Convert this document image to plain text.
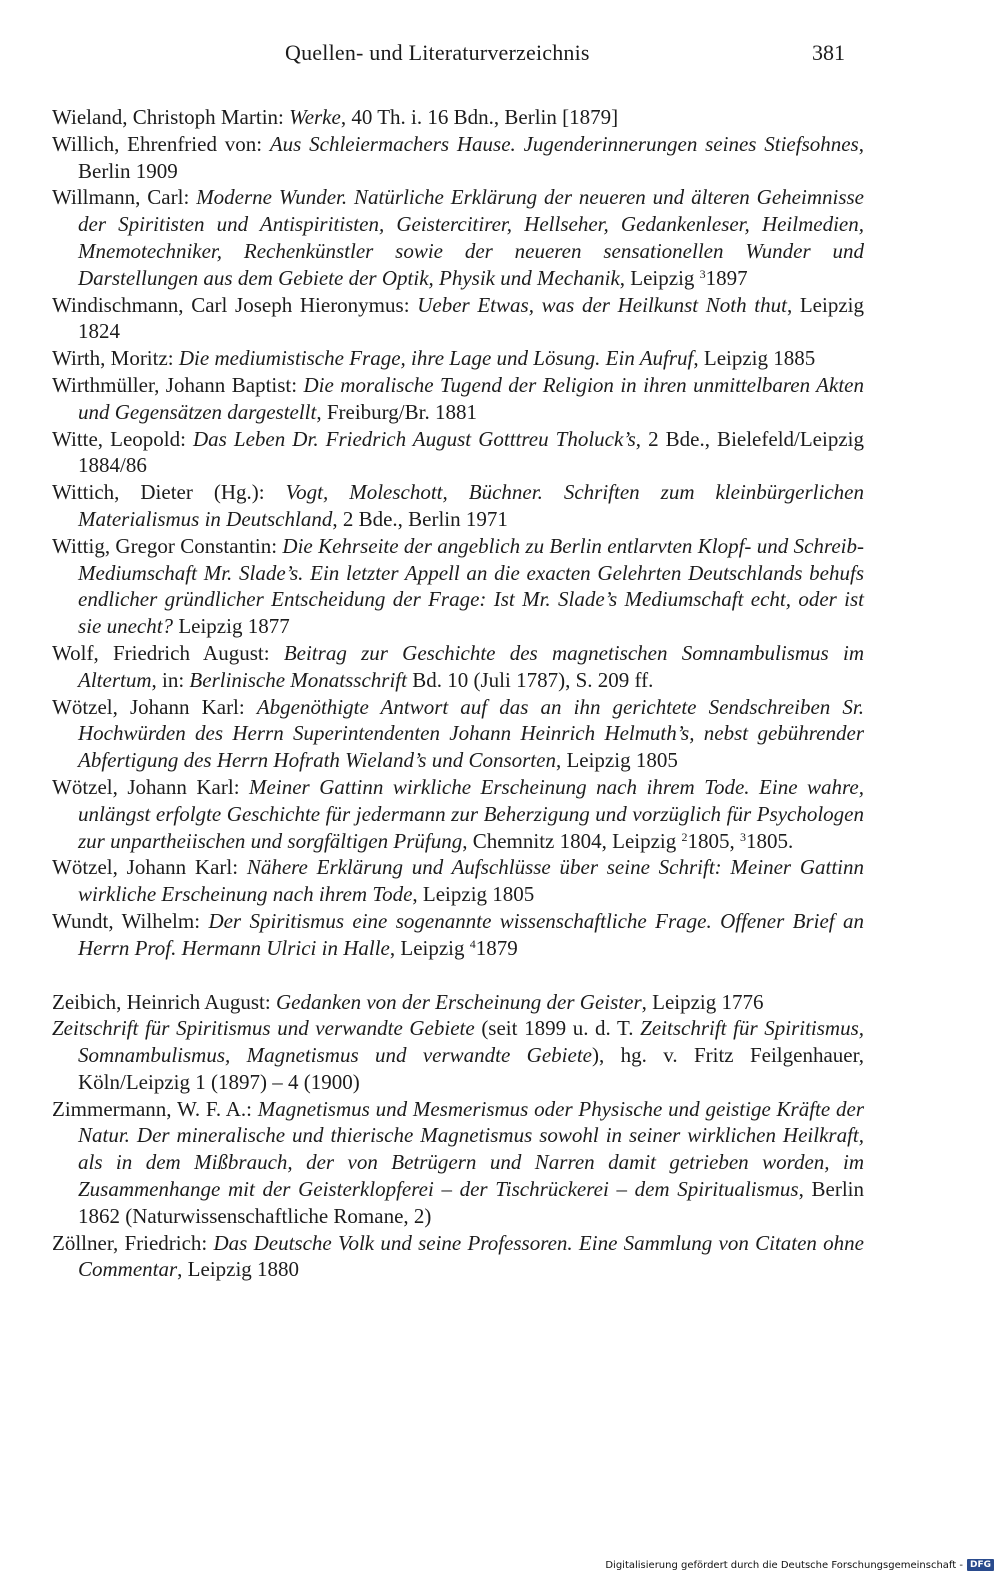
Quellen- und Literaturverzeichnis	381

Wieland, Christoph Martin: Werke, 40 Th. i. 16 Bdn., Berlin [1879]

Willich, Ehrenfried von: Aus Schleiermachers Hause. Jugenderinnerungen seines Stiefsohnes, Berlin 1909

Willmann, Carl: Moderne Wunder. Natürliche Erklärung der neueren und älteren Geheimnisse der Spiritisten und Antispiritisten, Geistercitirer, Hellseher, Gedankenleser, Heilmedien, Mnemotechniker, Rechenkünstler sowie der neueren sensationellen Wunder und Darstellungen aus dem Gebiete der Optik, Physik und Mechanik, Leipzig $^3$1897

Windischmann, Carl Joseph Hieronymus: Ueber Etwas, was der Heilkunst Noth thut, Leipzig 1824

Wirth, Moritz: Die mediumistische Frage, ihre Lage und Lösung. Ein Aufruf, Leipzig 1885

Wirthmüller, Johann Baptist: Die moralische Tugend der Religion in ihren unmittelbaren Akten und Gegensätzen dargestellt, Freiburg/Br. 1881

Witte, Leopold: Das Leben Dr. Friedrich August Gotttreu Tholuck’s, 2 Bde., Bielefeld/Leipzig 1884/86

Wittich, Dieter (Hg.): Vogt, Moleschott, Büchner. Schriften zum kleinbürgerlichen Materialismus in Deutschland, 2 Bde., Berlin 1971

Wittig, Gregor Constantin: Die Kehrseite der angeblich zu Berlin entlarvten Klopf- und Schreib-Mediumschaft Mr. Slade’s. Ein letzter Appell an die exacten Gelehrten Deutschlands behufs endlicher gründlicher Entscheidung der Frage: Ist Mr. Slade’s Mediumschaft echt, oder ist sie unecht? Leipzig 1877

Wolf, Friedrich August: Beitrag zur Geschichte des magnetischen Somnambulismus im Altertum, in: Berlinische Monatsschrift Bd. 10 (Juli 1787), S. 209 ff.

Wötzel, Johann Karl: Abgenöthigte Antwort auf das an ihn gerichtete Sendschreiben Sr. Hochwürden des Herrn Superintendenten Johann Heinrich Helmuth’s, nebst gebührender Abfertigung des Herrn Hofrath Wieland’s und Consorten, Leipzig 1805

Wötzel, Johann Karl: Meiner Gattinn wirkliche Erscheinung nach ihrem Tode. Eine wahre, unlängst erfolgte Geschichte für jedermann zur Beherzigung und vorzüglich für Psychologen zur unpartheiischen und sorgfältigen Prüfung, Chemnitz 1804, Leipzig $^2$1805, $^3$1805.

Wötzel, Johann Karl: Nähere Erklärung und Aufschlüsse über seine Schrift: Meiner Gattinn wirkliche Erscheinung nach ihrem Tode, Leipzig 1805

Wundt, Wilhelm: Der Spiritismus eine sogenannte wissenschaftliche Frage. Offener Brief an Herrn Prof. Hermann Ulrici in Halle, Leipzig $^4$1879

Zeibich, Heinrich August: Gedanken von der Erscheinung der Geister, Leipzig 1776

Zeitschrift für Spiritismus und verwandte Gebiete (seit 1899 u. d. T. Zeitschrift für Spiritismus, Somnambulismus, Magnetismus und verwandte Gebiete), hg. v. Fritz Feilgenhauer, Köln/Leipzig 1 (1897) – 4 (1900)

Zimmermann, W. F. A.: Magnetismus und Mesmerismus oder Physische und geistige Kräfte der Natur. Der mineralische und thierische Magnetismus sowohl in seiner wirklichen Heilkraft, als in dem Mißbrauch, der von Betrügern und Narren damit getrieben worden, im Zusammenhange mit der Geisterklopferei – der Tischrückerei – dem Spiritualismus, Berlin 1862 (Naturwissenschaftliche Romane, 2)

Zöllner, Friedrich: Das Deutsche Volk und seine Professoren. Eine Sammlung von Citaten ohne Commentar, Leipzig 1880

Digitalisierung gefördert durch die Deutsche Forschungsgemeinschaft - DFG
